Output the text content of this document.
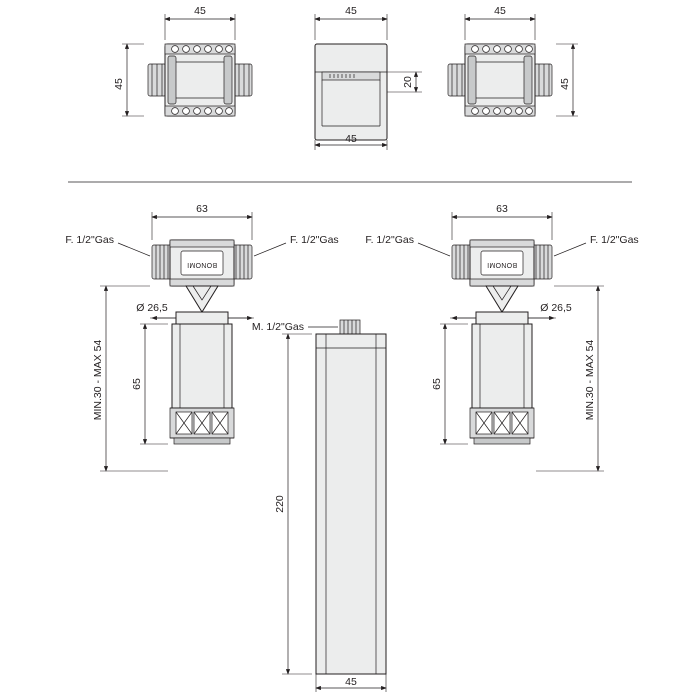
45
45
45
20
45
45
45
BONOMI
F. 1/2"Gas	F. 1/2"Gas
63
Ø 26,5
65
MIN.30 - MAX 54
M. 1/2"Gas
220
45
BONOMI
F. 1/2"Gas	F. 1/2"Gas
63
Ø 26,5
65	MIN.30 - MAX 54
